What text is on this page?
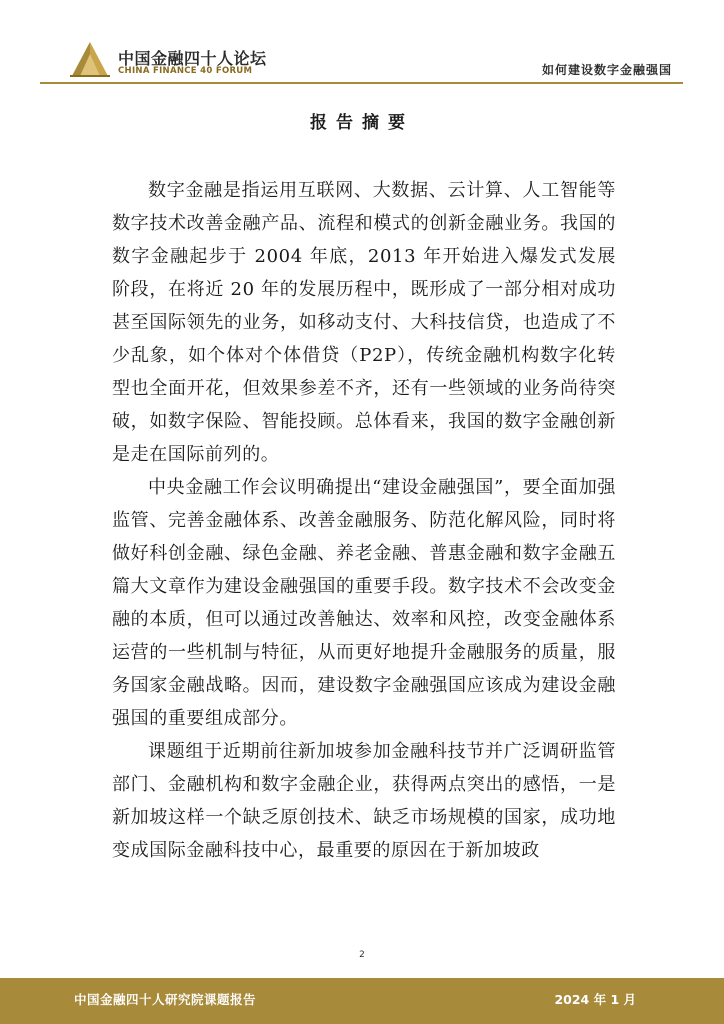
中国金融四十人论坛
CHINA FINANCE 40 FORUM	如何建设数字金融强国
报告摘要

数字金融是指运用互联网、大数据、云计算、人工智能等数字技术改善金融产品、流程和模式的创新金融业务。我国的数字金融起步于 2004 年底，2013 年开始进入爆发式发展阶段，在将近 20 年的发展历程中，既形成了一部分相对成功甚至国际领先的业务，如移动支付、大科技信贷，也造成了不少乱象，如个体对个体借贷（P2P），传统金融机构数字化转型也全面开花，但效果参差不齐，还有一些领域的业务尚待突破，如数字保险、智能投顾。总体看来，我国的数字金融创新是走在国际前列的。

中央金融工作会议明确提出“建设金融强国”，要全面加强监管、完善金融体系、改善金融服务、防范化解风险，同时将做好科创金融、绿色金融、养老金融、普惠金融和数字金融五篇大文章作为建设金融强国的重要手段。数字技术不会改变金融的本质，但可以通过改善触达、效率和风控，改变金融体系运营的一些机制与特征，从而更好地提升金融服务的质量，服务国家金融战略。因而，建设数字金融强国应该成为建设金融强国的重要组成部分。

课题组于近期前往新加坡参加金融科技节并广泛调研监管部门、金融机构和数字金融企业，获得两点突出的感悟，一是新加坡这样一个缺乏原创技术、缺乏市场规模的国家，成功地变成国际金融科技中心，最重要的原因在于新加坡政

2
中国金融四十人研究院课题报告	2024 年 1 月
